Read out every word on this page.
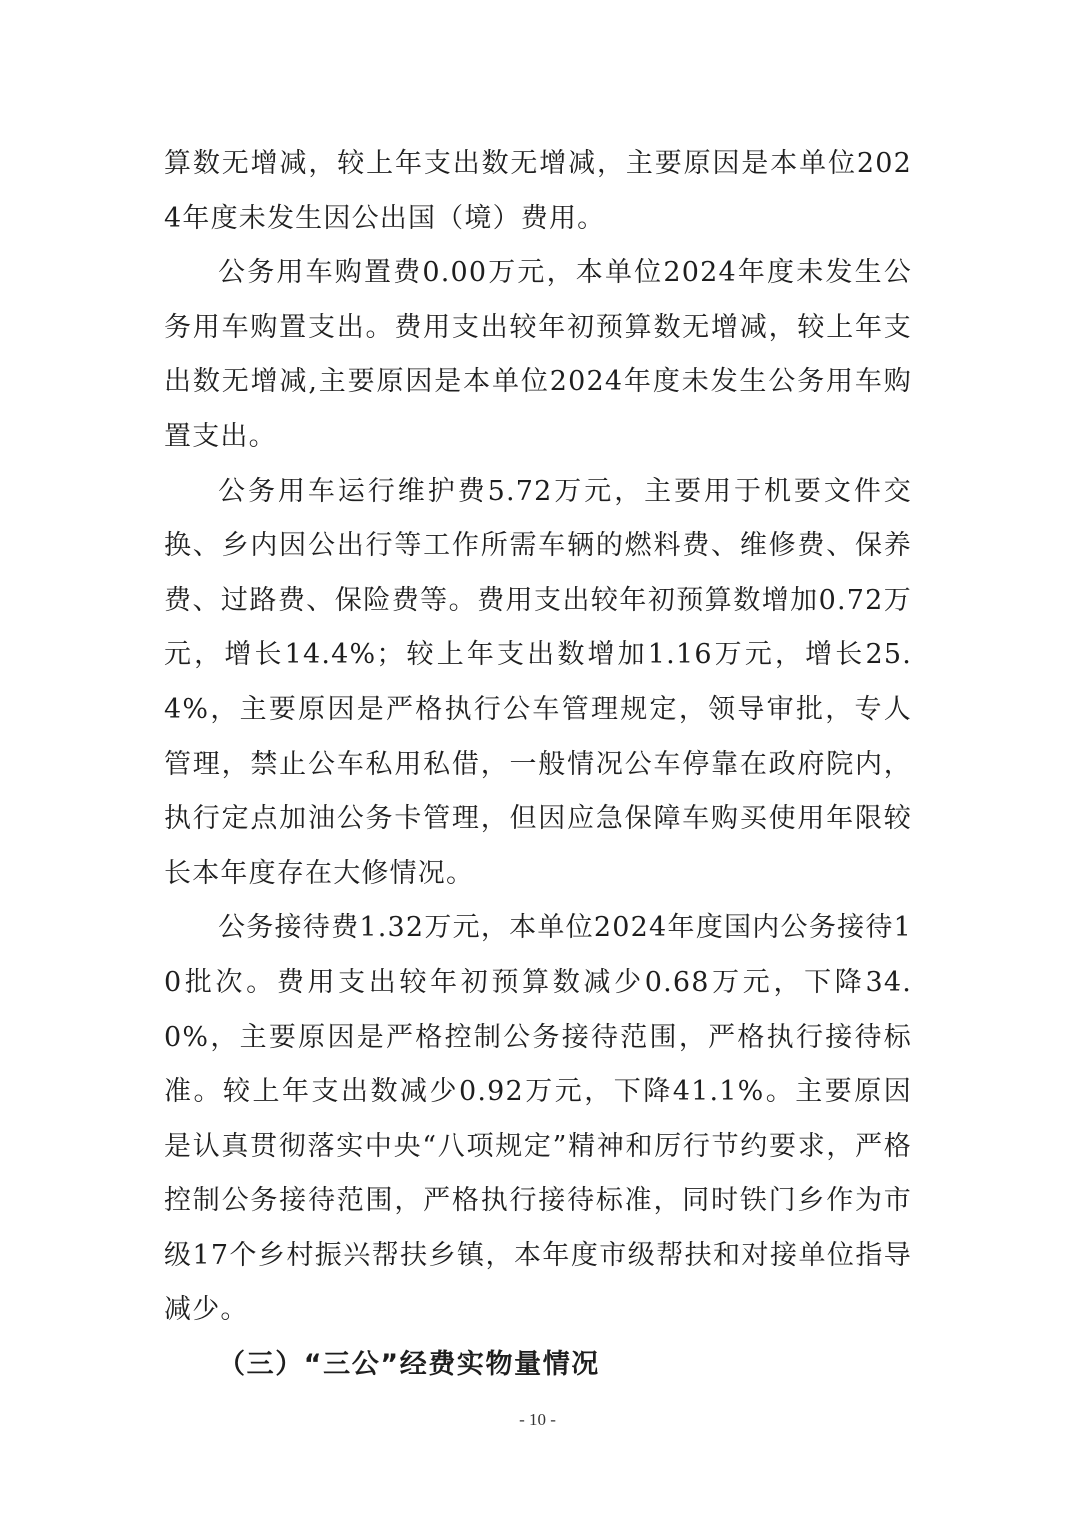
算数无增减，较上年支出数无增减，主要原因是本单位2024年度未发生因公出国（境）费用。

公务用车购置费0.00万元，本单位2024年度未发生公务用车购置支出。费用支出较年初预算数无增减，较上年支出数无增减,主要原因是本单位2024年度未发生公务用车购置支出。

公务用车运行维护费5.72万元，主要用于机要文件交换、乡内因公出行等工作所需车辆的燃料费、维修费、保养费、过路费、保险费等。费用支出较年初预算数增加0.72万元，增长14.4%；较上年支出数增加1.16万元，增长25.4%，主要原因是严格执行公车管理规定，领导审批，专人管理，禁止公车私用私借，一般情况公车停靠在政府院内，执行定点加油公务卡管理，但因应急保障车购买使用年限较长本年度存在大修情况。

公务接待费1.32万元，本单位2024年度国内公务接待10批次。费用支出较年初预算数减少0.68万元，下降34.0%，主要原因是严格控制公务接待范围，严格执行接待标准。较上年支出数减少0.92万元，下降41.1%。主要原因是认真贯彻落实中央“八项规定”精神和厉行节约要求，严格控制公务接待范围，严格执行接待标准，同时铁门乡作为市级17个乡村振兴帮扶乡镇，本年度市级帮扶和对接单位指导减少。

（三）“三公”经费实物量情况

- 10 -
